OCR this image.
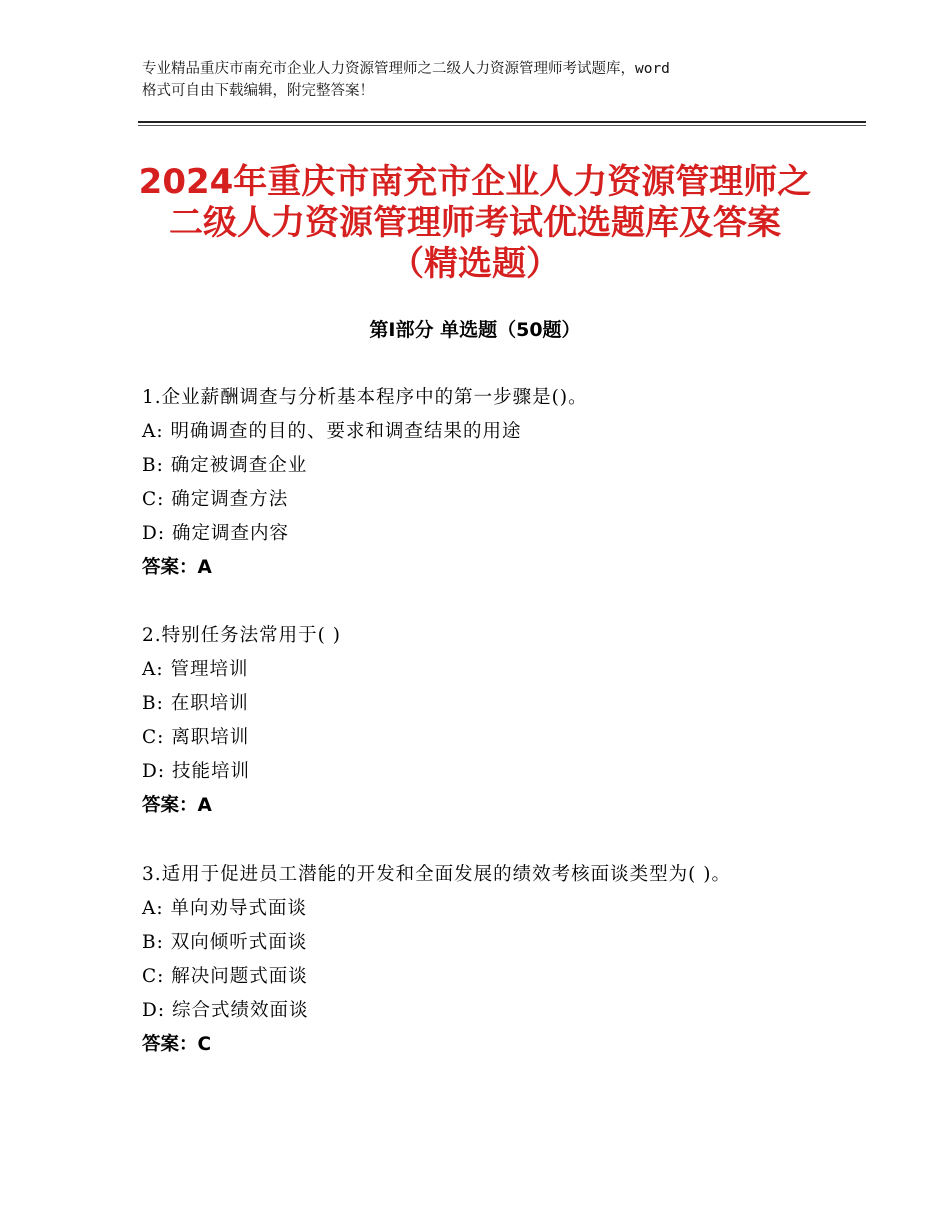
专业精品重庆市南充市企业人力资源管理师之二级人力资源管理师考试题库，word
格式可自由下载编辑，附完整答案！
2024年重庆市南充市企业人力资源管理师之
二级人力资源管理师考试优选题库及答案
（精选题）
第Ⅰ部分 单选题（50题）
1.企业薪酬调查与分析基本程序中的第一步骤是()。
A: 明确调查的目的、要求和调查结果的用途
B: 确定被调查企业
C: 确定调查方法
D: 确定调查内容
答案：A
2.特别任务法常用于( )
A: 管理培训
B: 在职培训
C: 离职培训
D: 技能培训
答案：A
3.适用于促进员工潜能的开发和全面发展的绩效考核面谈类型为( )。
A: 单向劝导式面谈
B: 双向倾听式面谈
C: 解决问题式面谈
D: 综合式绩效面谈
答案：C
